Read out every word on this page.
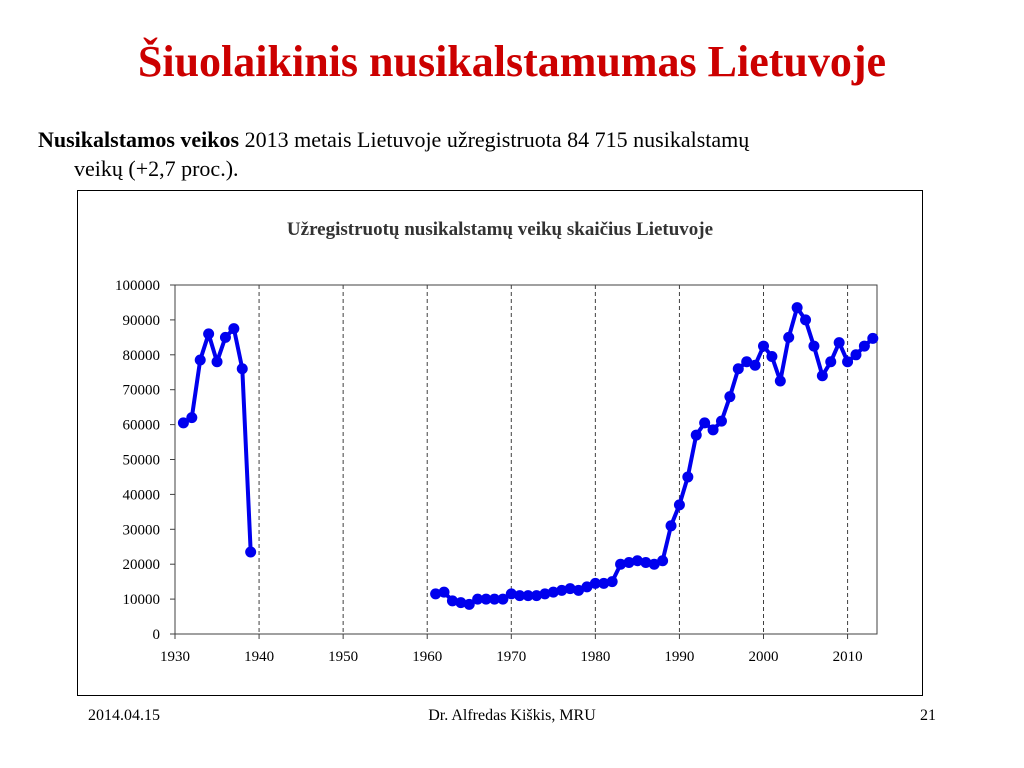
Šiuolaikinis nusikalstamumas Lietuvoje
Nusikalstamos veikos 2013 metais Lietuvoje užregistruota 84 715 nusikalstamų
veikų (+2,7 proc.).
Užregistruotų nusikalstamų veikų skaičius Lietuvoje
0
10000
20000
30000
40000
50000
60000
70000
80000
90000
100000
1930	1940	1950	1960	1970	1980	1990	2000	2010
2014.04.15	Dr. Alfredas Kiškis, MRU	21
